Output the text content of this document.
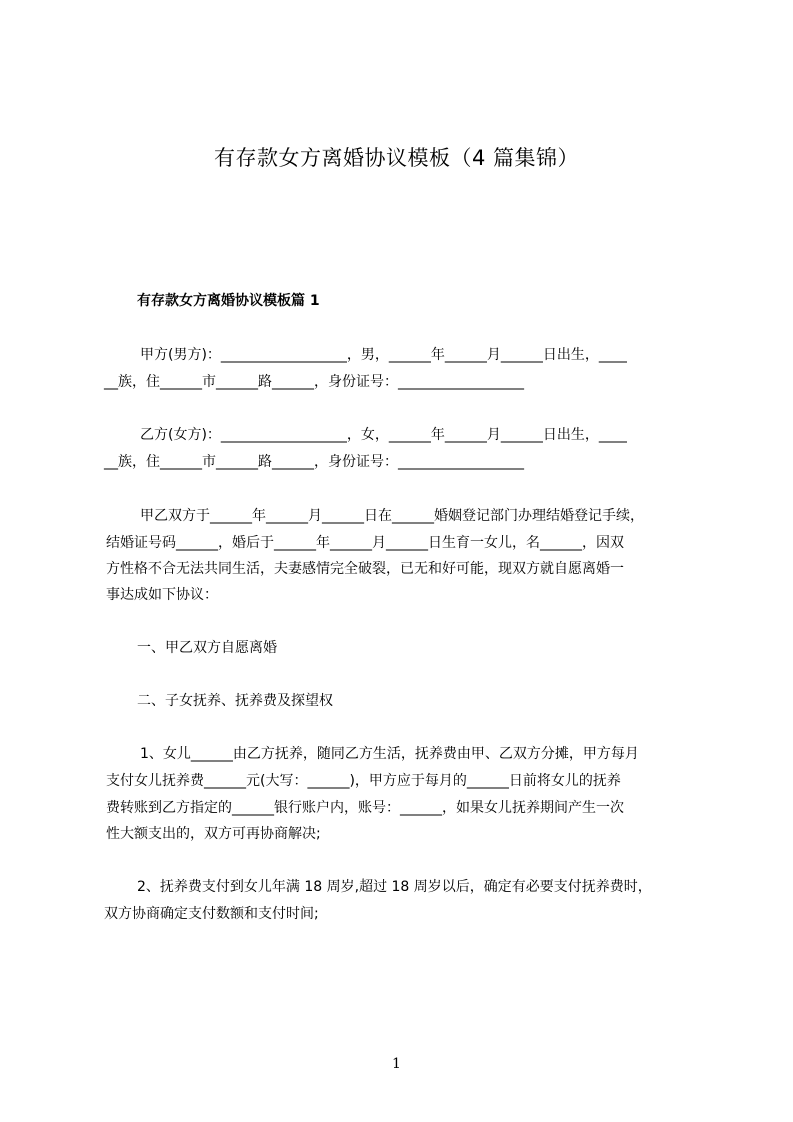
有存款女方离婚协议模板（4 篇集锦）
有存款女方离婚协议模板篇 1
甲方(男方)：__________________，男，______年______月______日出生，____
__族，住______市______路______，身份证号：__________________
乙方(女方)：__________________，女，______年______月______日出生，____
__族，住______市______路______，身份证号：__________________
甲乙双方于______年______月______日在______婚姻登记部门办理结婚登记手续，
结婚证号码______，婚后于______年______月______日生育一女儿，名______，因双
方性格不合无法共同生活，夫妻感情完全破裂，已无和好可能，现双方就自愿离婚一
事达成如下协议：
一、甲乙双方自愿离婚
二、子女抚养、抚养费及探望权
1、女儿______由乙方抚养，随同乙方生活，抚养费由甲、乙双方分摊，甲方每月
支付女儿抚养费______元(大写：______)，甲方应于每月的______日前将女儿的抚养
费转账到乙方指定的______银行账户内，账号：______，如果女儿抚养期间产生一次
性大额支出的，双方可再协商解决;
2、抚养费支付到女儿年满 18 周岁,超过 18 周岁以后，确定有必要支付抚养费时，
双方协商确定支付数额和支付时间;
1
